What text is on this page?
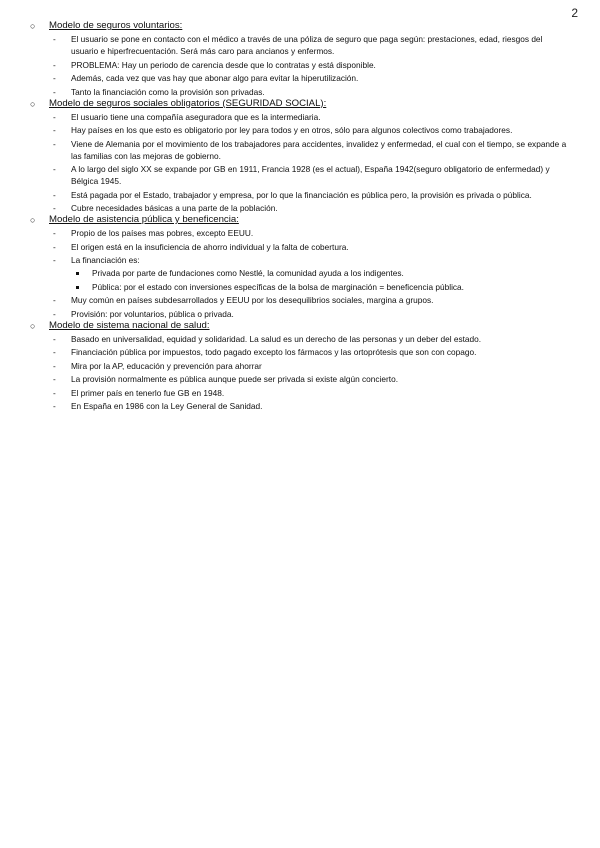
2
○ Modelo de seguros voluntarios:
- El usuario se pone en contacto con el médico a través de una póliza de seguro que paga según: prestaciones, edad, riesgos del usuario e hiperfrecuentación. Será más caro para ancianos y enfermos.
- PROBLEMA: Hay un periodo de carencia desde que lo contratas y está disponible.
- Además, cada vez que vas hay que abonar algo para evitar la hiperutilización.
- Tanto la financiación como la provisión son privadas.
○ Modelo de seguros sociales obligatorios (SEGURIDAD SOCIAL):
- El usuario tiene una compañía aseguradora que es la intermediaria.
- Hay países en los que esto es obligatorio por ley para todos y en otros, sólo para algunos colectivos como trabajadores.
- Viene de Alemania por el movimiento de los trabajadores para accidentes, invalidez y enfermedad, el cual con el tiempo, se expande a las familias con las mejoras de gobierno.
- A lo largo del siglo XX se expande por GB en 1911, Francia 1928 (es el actual), España 1942(seguro obligatorio de enfermedad) y Bélgica 1945.
- Está pagada por el Estado, trabajador y empresa, por lo que la financiación es pública pero, la provisión es privada o pública.
- Cubre necesidades básicas a una parte de la población.
○ Modelo de asistencia pública y beneficencia:
- Propio de los países mas pobres, excepto EEUU.
- El origen está en la insuficiencia de ahorro individual y la falta de cobertura.
- La financiación es:
Privada por parte de fundaciones como Nestlé, la comunidad ayuda a los indigentes.
Pública: por el estado con inversiones específicas de la bolsa de marginación = beneficencia pública.
- Muy común en países subdesarrollados y EEUU por los desequilibrios sociales, margina a grupos.
- Provisión: por voluntarios, pública o privada.
○ Modelo de sistema nacional de salud:
- Basado en universalidad, equidad y solidaridad. La salud es un derecho de las personas y un deber del estado.
- Financiación pública por impuestos, todo pagado excepto los fármacos y las ortoprótesis que son con copago.
- Mira por la AP, educación y prevención para ahorrar
- La provisión normalmente es pública aunque puede ser privada si existe algún concierto.
- El primer país en tenerlo fue GB en 1948.
- En España en 1986 con la Ley General de Sanidad.
